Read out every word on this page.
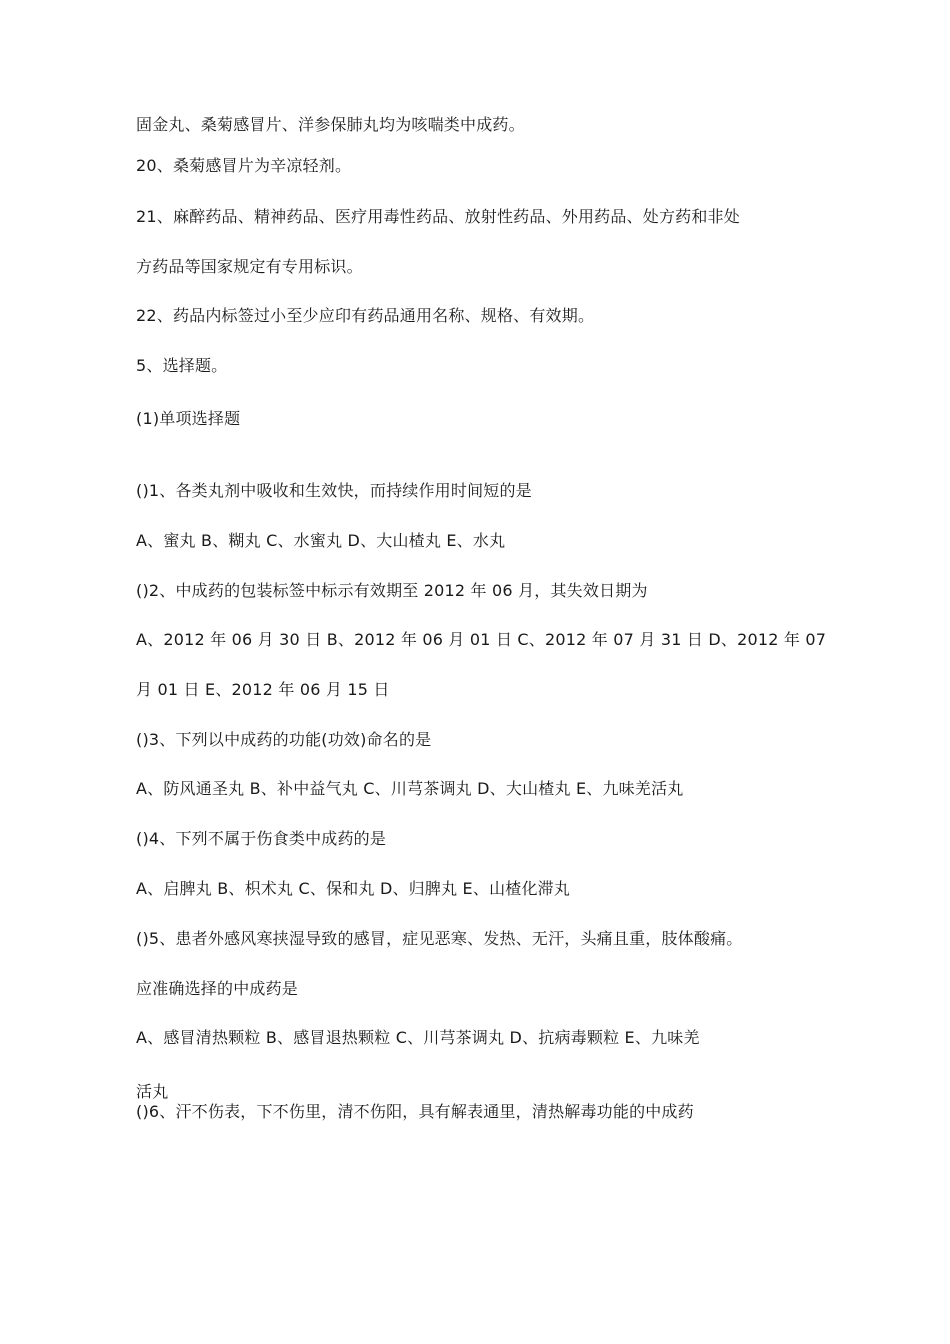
固金丸、桑菊感冒片、洋参保肺丸均为咳喘类中成药。
20、桑菊感冒片为辛凉轻剂。
21、麻醉药品、精神药品、医疗用毒性药品、放射性药品、外用药品、处方药和非处
方药品等国家规定有专用标识。
22、药品内标签过小至少应印有药品通用名称、规格、有效期。
5、选择题。
(1)单项选择题
()1、各类丸剂中吸收和生效快，而持续作用时间短的是
A、蜜丸 B、糊丸 C、水蜜丸 D、大山楂丸 E、水丸
()2、中成药的包装标签中标示有效期至 2012 年 06 月，其失效日期为
A、2012 年 06 月 30 日 B、2012 年 06 月 01 日 C、2012 年 07 月 31 日 D、2012 年 07
月 01 日 E、2012 年 06 月 15 日
()3、下列以中成药的功能(功效)命名的是
A、防风通圣丸 B、补中益气丸 C、川芎茶调丸 D、大山楂丸 E、九味羌活丸
()4、下列不属于伤食类中成药的是
A、启脾丸 B、枳术丸 C、保和丸 D、归脾丸 E、山楂化滞丸
()5、患者外感风寒挟湿导致的感冒，症见恶寒、发热、无汗，头痛且重，肢体酸痛。
应准确选择的中成药是
A、感冒清热颗粒 B、感冒退热颗粒 C、川芎茶调丸 D、抗病毒颗粒 E、九味羌
活丸
()6、汗不伤表，下不伤里，清不伤阳，具有解表通里，清热解毒功能的中成药
